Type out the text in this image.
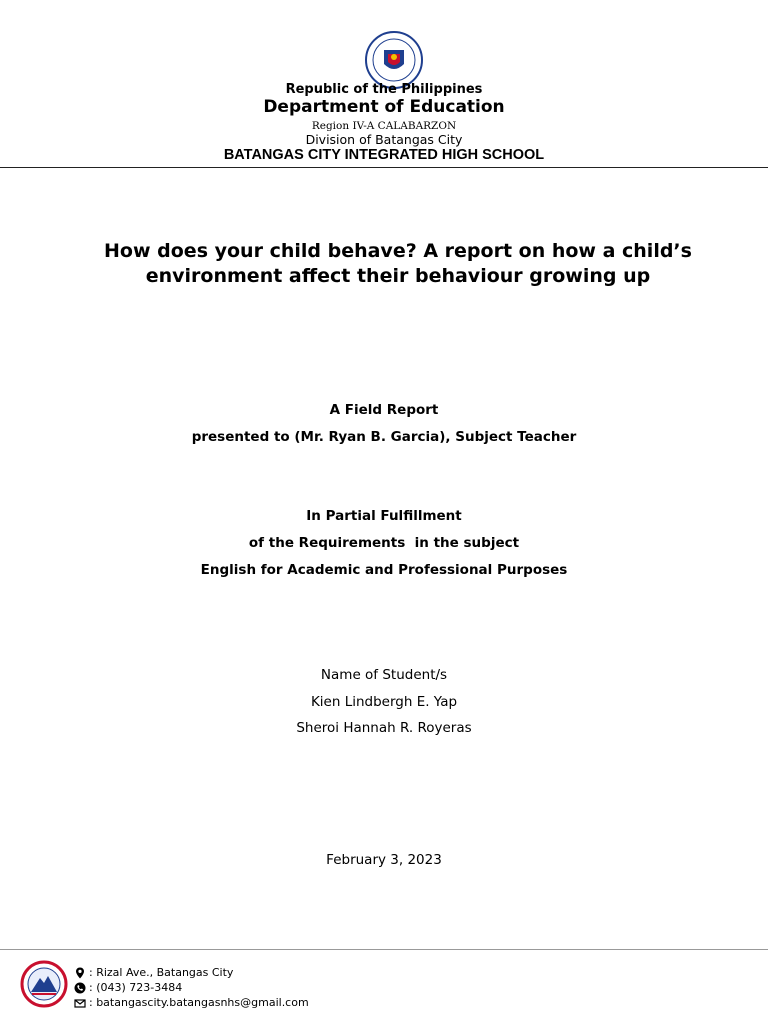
Republic of the Philippines
Department of Education
Region IV-A CALABARZON
Division of Batangas City
BATANGAS CITY INTEGRATED HIGH SCHOOL
How does your child behave? A report on how a child’s environment affect their behaviour growing up
A Field Report
presented to (Mr. Ryan B. Garcia), Subject Teacher
In Partial Fulfillment
of the Requirements  in the subject
English for Academic and Professional Purposes
Name of Student/s
Kien Lindbergh E. Yap
Sheroi Hannah R. Royeras
February 3, 2023
: Rizal Ave., Batangas City
: (043) 723-3484
: batangascity.batangasnhs@gmail.com
